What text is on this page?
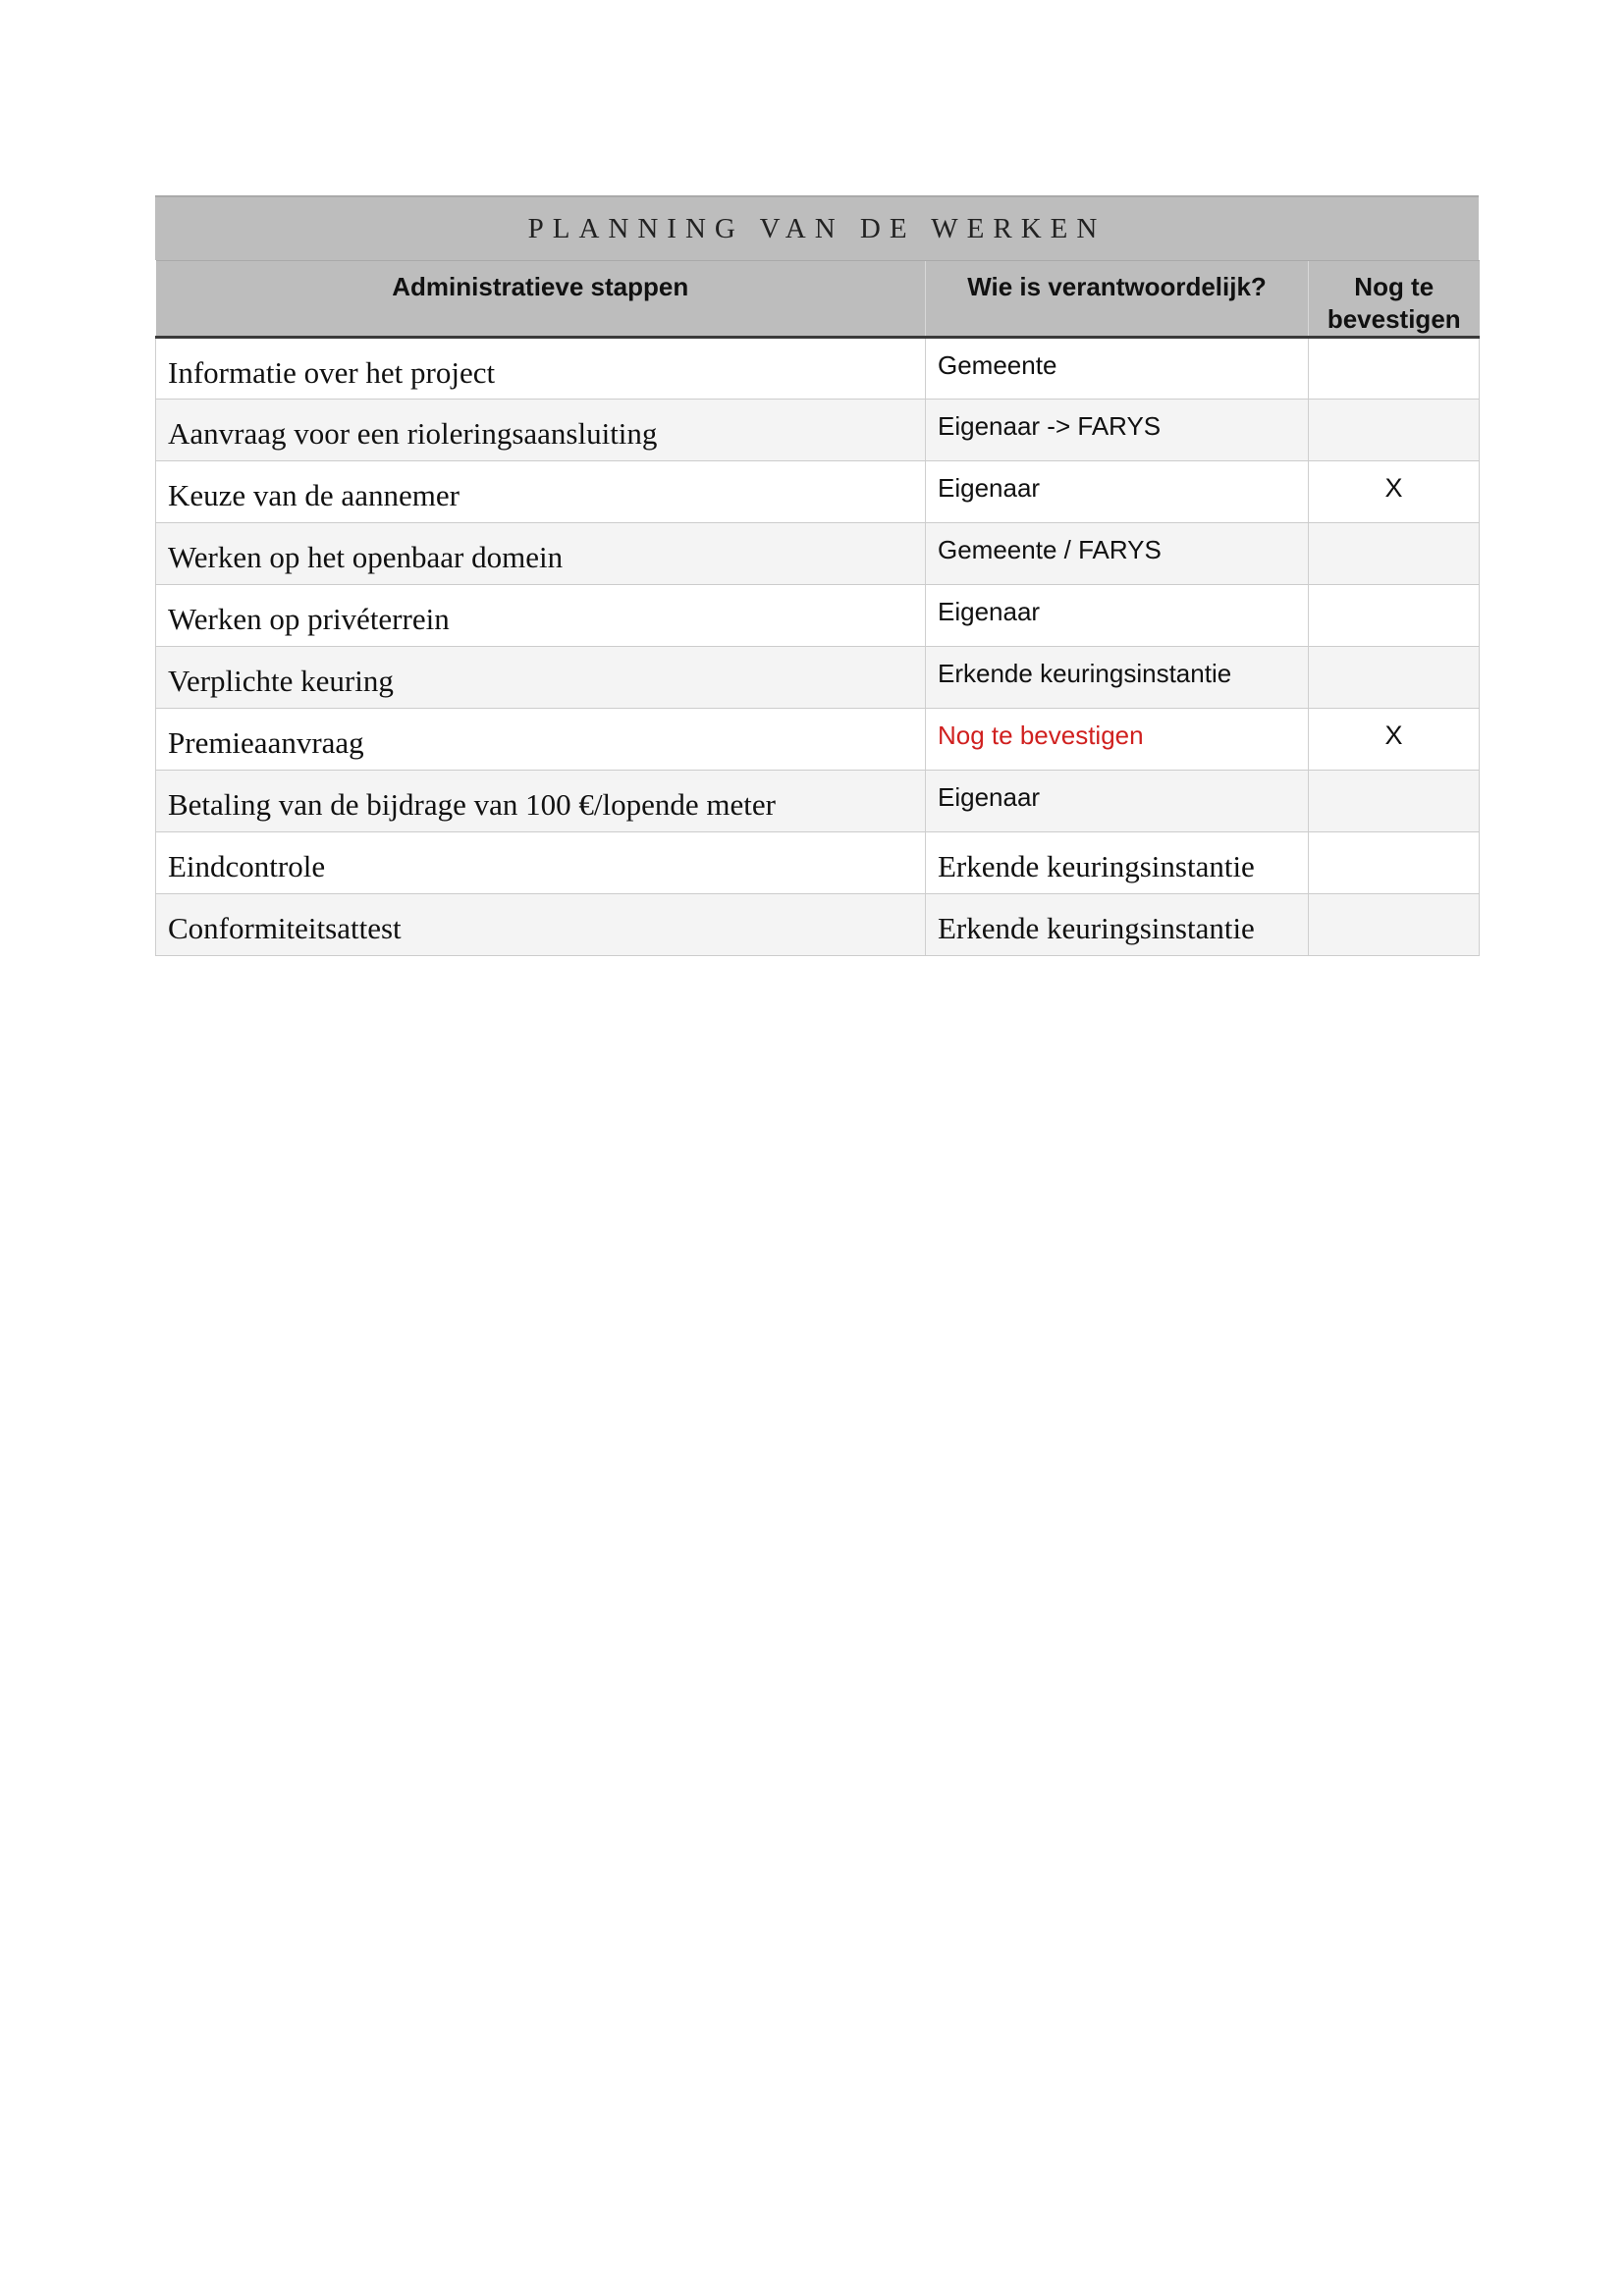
PLANNING VAN DE WERKEN
Administratieve stappen	Wie is verantwoordelijk?	Nog te
bevestigen
Informatie over het project	Gemeente	
Aanvraag voor een rioleringsaansluiting	Eigenaar -> FARYS	
Keuze van de aannemer	Eigenaar	X
Werken op het openbaar domein	Gemeente / FARYS	
Werken op privéterrein	Eigenaar	
Verplichte keuring	Erkende keuringsinstantie	
Premieaanvraag	Nog te bevestigen	X
Betaling van de bijdrage van 100 €/lopende meter	Eigenaar	
Eindcontrole	Erkende keuringsinstantie	
Conformiteitsattest	Erkende keuringsinstantie	
